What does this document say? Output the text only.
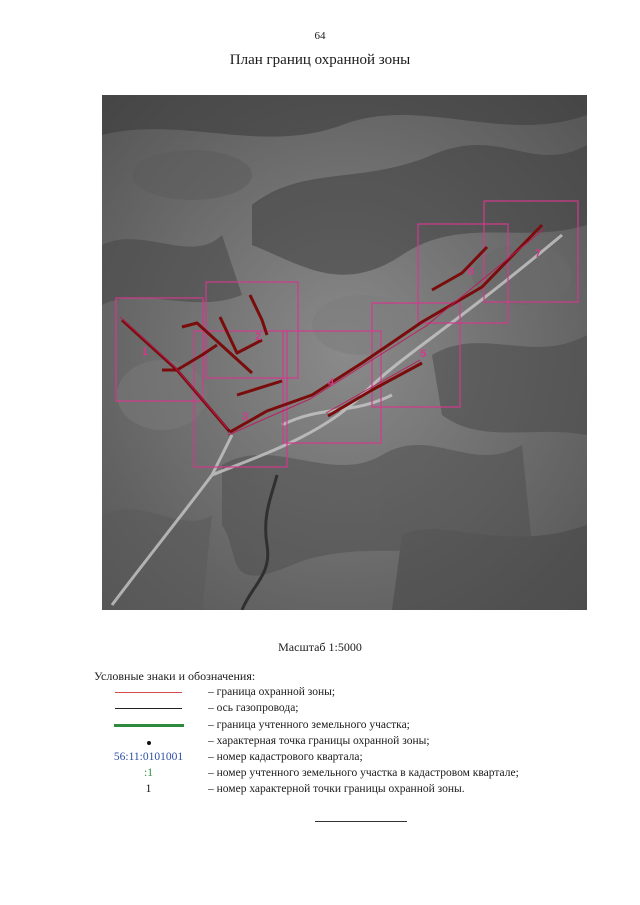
64
План границ охранной зоны
1
2
3
4
5
6
7
Масштаб 1:5000
Условные знаки и обозначения:
– граница охранной зоны;
– ось газопровода;
– граница учтенного земельного участка;
– характерная точка границы охранной зоны;
56:11:0101001 – номер кадастрового квартала;
:1	– номер учтенного земельного участка в кадастровом квартале;
1	– номер характерной точки границы охранной зоны.
